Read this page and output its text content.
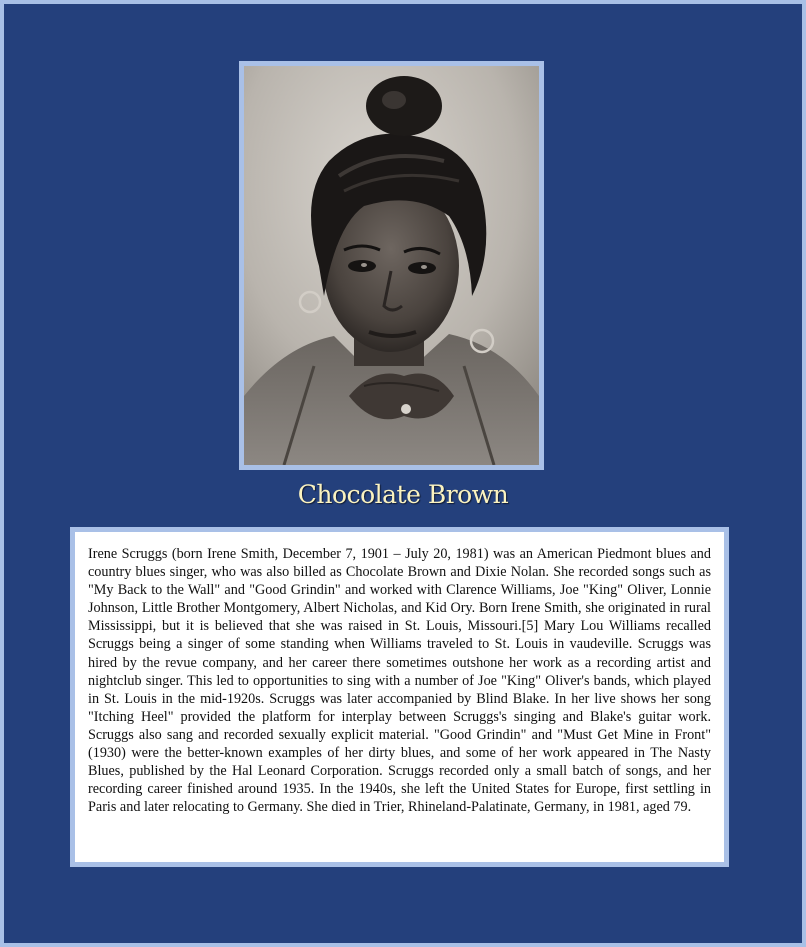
Chocolate Brown

Irene Scruggs (born Irene Smith, December 7, 1901 – July 20, 1981) was an American Piedmont blues and country blues singer, who was also billed as Chocolate Brown and Dixie Nolan. She recorded songs such as "My Back to the Wall" and "Good Grindin" and worked with Clarence Williams, Joe "King" Oliver, Lonnie Johnson, Little Brother Montgomery, Albert Nicholas, and Kid Ory. Born Irene Smith, she originated in rural Mississippi, but it is believed that she was raised in St. Louis, Missouri.[5] Mary Lou Williams recalled Scruggs being a singer of some standing when Williams traveled to St. Louis in vaudeville. Scruggs was hired by the revue company, and her career there sometimes outshone her work as a recording artist and nightclub singer. This led to opportunities to sing with a number of Joe "King" Oliver's bands, which played in St. Louis in the mid-1920s. Scruggs was later accompanied by Blind Blake. In her live shows her song "Itching Heel" provided the platform for interplay between Scruggs's singing and Blake's guitar work. Scruggs also sang and recorded sexually explicit material. "Good Grindin" and "Must Get Mine in Front" (1930) were the better-known examples of her dirty blues, and some of her work appeared in The Nasty Blues, published by the Hal Leonard Corporation. Scruggs recorded only a small batch of songs, and her recording career finished around 1935. In the 1940s, she left the United States for Europe, first settling in Paris and later relocating to Germany. She died in Trier, Rhineland-Palatinate, Germany, in 1981, aged 79.
